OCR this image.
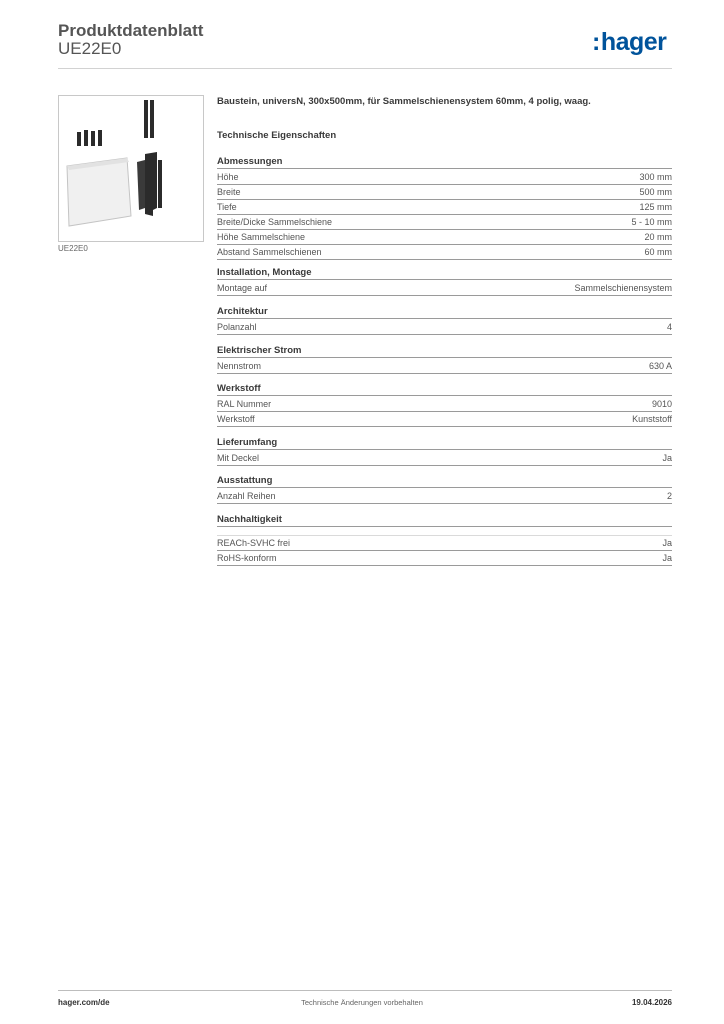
Produktdatenblatt
UE22E0	:hager
UE22E0
Baustein, universN, 300x500mm, für Sammelschienensystem 60mm, 4 polig, waag.
Technische Eigenschaften
Abmessungen
Höhe	300 mm
Breite	500 mm
Tiefe	125 mm
Breite/Dicke Sammelschiene	5 - 10 mm
Höhe Sammelschiene	20 mm
Abstand Sammelschienen	60 mm
Installation, Montage
Montage auf	Sammelschienensystem
Architektur
Polanzahl	4
Elektrischer Strom
Nennstrom	630 A
Werkstoff
RAL Nummer	9010
Werkstoff	Kunststoff
Lieferumfang
Mit Deckel	Ja
Ausstattung
Anzahl Reihen	2
Nachhaltigkeit
REACh-SVHC frei	Ja
RoHS-konform	Ja
hager.com/de	Technische Änderungen vorbehalten	19.04.2026
